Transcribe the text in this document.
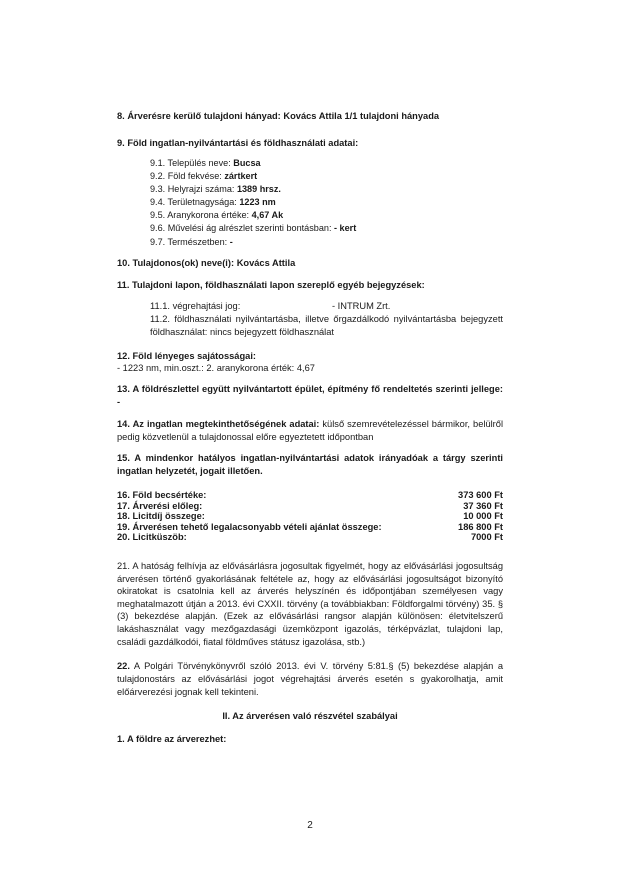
8. Árverésre kerülő tulajdoni hányad: Kovács Attila 1/1 tulajdoni hányada
9. Föld ingatlan-nyilvántartási és földhasználati adatai:
9.1. Település neve: Bucsa
9.2. Föld fekvése: zártkert
9.3. Helyrajzi száma: 1389 hrsz.
9.4. Területnagysága: 1223 nm
9.5. Aranykorona értéke: 4,67 Ak
9.6. Művelési ág alrészlet szerinti bontásban: - kert
9.7. Természetben: -
10. Tulajdonos(ok) neve(i): Kovács Attila
11. Tulajdoni lapon, földhasználati lapon szereplő egyéb bejegyzések:
11.1. végrehajtási jog:	- INTRUM Zrt.
11.2. földhasználati nyilvántartásba, illetve őrgazdálkodó nyilvántartásba bejegyzett földhasználat: nincs bejegyzett földhasználat
12. Föld lényeges sajátosságai:
- 1223 nm, min.oszt.: 2. aranykorona érték: 4,67
13. A földrészlettel együtt nyilvántartott épület, építmény fő rendeltetés szerinti jellege: -
14. Az ingatlan megtekinthetőségének adatai: külső szemrevételezéssel bármikor, belülről pedig közvetlenül a tulajdonossal előre egyeztetett időpontban
15. A mindenkor hatályos ingatlan-nyilvántartási adatok irányadóak a tárgy szerinti ingatlan helyzetét, jogait illetően.
16. Föld becsértéke:	373 600 Ft
17. Árverési előleg:	37 360 Ft
18. Licitdíj összege:	10 000 Ft
19. Árverésen tehető legalacsonyabb vételi ajánlat összege:	186 800 Ft
20. Licitküszöb:	7000 Ft
21. A hatóság felhívja az elővásárlásra jogosultak figyelmét, hogy az elővásárlási jogosultság árverésen történő gyakorlásának feltétele az, hogy az elővásárlási jogosultságot bizonyító okiratokat is csatolnia kell az árverés helyszínén és időpontjában személyesen vagy meghatalmazott útján a 2013. évi CXXII. törvény (a továbbiakban: Földforgalmi törvény) 35. § (3) bekezdése alapján. (Ezek az elővásárlási rangsor alapján különösen: életvitelszerű lakáshasználat vagy mezőgazdasági üzemközpont igazolás, térképvázlat, tulajdoni lap, családi gazdálkodói, fiatal földműves státusz igazolása, stb.)
22. A Polgári Törvénykönyvről szóló 2013. évi V. törvény 5:81.§ (5) bekezdése alapján a tulajdonostárs az elővásárlási jogot végrehajtási árverés esetén s gyakorolhatja, amit előárverezési jognak kell tekinteni.
II. Az árverésen való részvétel szabályai
1. A földre az árverezhet:
2
